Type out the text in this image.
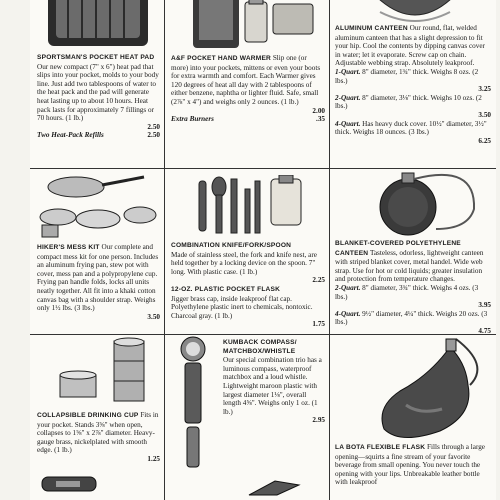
SPORTSMAN'S POCKET HEAT PAD
Our new compact (7" x 6") heat pad that slips into your pocket, molds to your body line. Just add two tablespoons of water to the heat pack and the pad will generate heat lasting up to about 10 hours. Heat pack lasts for approximately 7 fillings or 70 hours. (1 lb.)
2.50
Two Heat-Pack Refills	2.50
A&F POCKET HAND WARMER Slip one (or more) into your pockets, mittens or even your boots for extra warmth and comfort. Each Warmer gives 120 degrees of heat all day with 2 tablespoons of either benzene, naphtha or lighter fluid. Safe, small (2⅞" x 4") and weighs only 2 ounces. (1 lb.)
2.00
Extra Burners	.35
ALUMINUM CANTEEN Our round, flat, welded aluminum canteen that has a slight depression to fit your hip. Cool the contents by dipping canvas cover in water; let it evaporate. Screw cap on chain. Adjustable webbing strap. Absolutely leakproof.
1-Quart. 8" diameter, 1¾" thick. Weighs 8 ozs. (2 lbs.)
3.25
2-Quart. 8" diameter, 3⅛" thick. Weighs 10 ozs. (2 lbs.)
3.50
4-Quart. Has heavy duck cover. 10½" diameter, 3½" thick. Weighs 18 ounces. (3 lbs.)
6.25
HIKER'S MESS KIT Our complete and compact mess kit for one person. Includes an aluminum frying pan, stew pot with cover, mess pan and a polypropylene cup. Frying pan handle folds, locks all units neatly together. All fit into a khaki cotton canvas bag with a shoulder strap. Weighs only 1½ lbs. (3 lbs.)
3.50
COMBINATION KNIFE/FORK/SPOON
Made of stainless steel, the fork and knife nest, are held together by a locking device on the spoon. 7" long. With plastic case. (1 lb.)
2.25
12-OZ. PLASTIC POCKET FLASK
Jigger brass cap, inside leakproof flat cap. Polyethylene plastic inert to chemicals, nontoxic. Charcoal gray. (1 lb.)
1.75
BLANKET-COVERED POLYETHYLENE CANTEEN Tasteless, odorless, lightweight canteen with striped blanket cover, metal handel. Wide web strap. Use for hot or cold liquids; greater insulation and protection from temperature changes.
2-Quart. 8" diameter, 3¾" thick. Weighs 4 ozs. (3 lbs.)
3.95
4-Quart. 9½" diameter, 4¼" thick. Weighs 20 ozs. (3 lbs.)
4.75
COLLAPSIBLE DRINKING CUP Fits in your pocket. Stands 3⅝" when open, collapses to 1⅝" x 2⅞" diameter. Heavy-gauge brass, nickelplated with smooth edge. (1 lb.)
1.25
KUMBACK COMPASS/ MATCHBOX/WHISTLE
Our special combination trio has a luminous compass, waterproof matchbox and a loud whistle. Lightweight maroon plastic with largest diameter 1⅛", overall length 4⅝". Weighs only 1 oz. (1 lb.)
2.95
LA BOTA FLEXIBLE FLASK Fills through a large opening—squirts a fine stream of your favorite beverage from small opening. You never touch the opening with your lips. Unbreakable leather bottle with leakproof
